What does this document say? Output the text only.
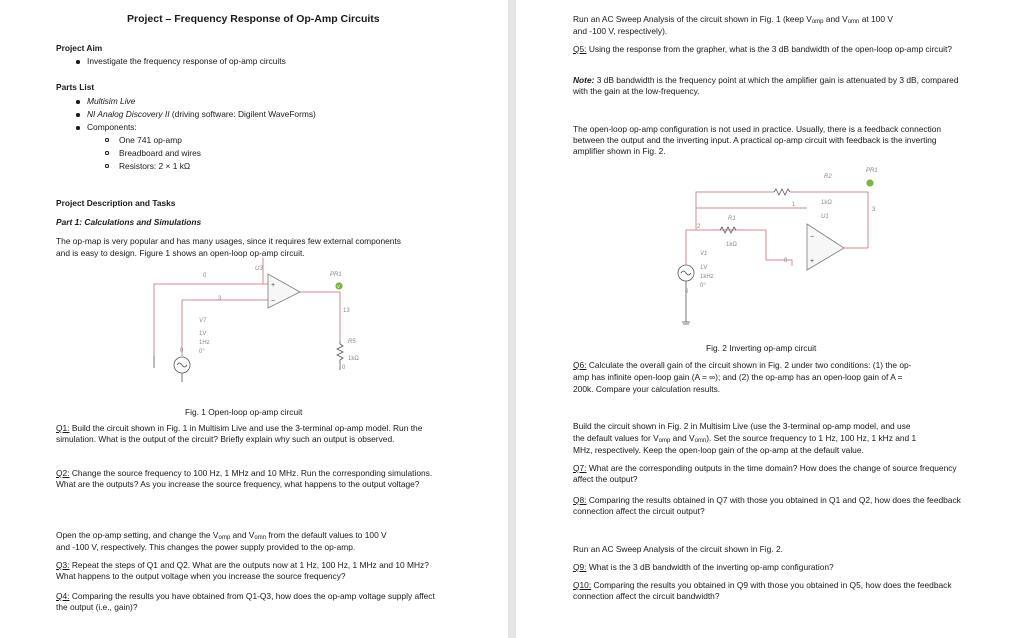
Project – Frequency Response of Op-Amp Circuits
Project Aim
Investigate the frequency response of op-amp circuits
Parts List
Multisim Live
NI Analog Discovery II (driving software: Digilent WaveForms)
Components:
One 741 op-amp
Breadboard and wires
Resistors: 2 × 1 kΩ
Project Description and Tasks
Part 1: Calculations and Simulations
The op-map is very popular and has many usages, since it requires few external components
and is easy to design. Figure 1 shows an open-loop op-amp circuit.
+
−
V
0
U3
PR1
3
13
V7
1V
1Hz
0°
0
R5
1kΩ
0
Fig. 1 Open-loop op-amp circuit
Q1: Build the circuit shown in Fig. 1 in Multisim Live and use the 3-terminal op-amp model. Run the simulation. What is the output of the circuit? Briefly explain why such an output is observed.
Q2: Change the source frequency to 100 Hz, 1 MHz and 10 MHz. Run the corresponding simulations. What are the outputs? As you increase the source frequency, what happens to the output voltage?
Open the op-amp setting, and change the $V_{omp}$ and $V_{omn}$ from the default values to 100 V
and -100 V, respectively. This changes the power supply provided to the op-amp.
Q3: Repeat the steps of Q1 and Q2. What are the outputs now at 1 Hz, 100 Hz, 1 MHz and 10 MHz? What happens to the output voltage when you increase the source frequency?
Q4: Comparing the results you have obtained from Q1-Q3, how does the op-amp voltage supply affect the output (i.e., gain)?
Run an AC Sweep Analysis of the circuit shown in Fig. 1 (keep $V_{omp}$ and $V_{omn}$ at 100 V
and -100 V, respectively).
Q5: Using the response from the grapher, what is the 3 dB bandwidth of the open-loop op-amp circuit?
Note: 3 dB bandwidth is the frequency point at which the amplifier gain is attenuated by 3 dB, compared with the gain at the low-frequency.
The open-loop op-amp configuration is not used in practice. Usually, there is a feedback connection between the output and the inverting input. A practical op-amp circuit with feedback is the inverting amplifier shown in Fig. 2.
−
+
PR1
R2
1kΩ
U1
1
3
2
R1
1kΩ
V1
1V
1kHz
0°
0
0
Fig. 2 Inverting op-amp circuit
Q6: Calculate the overall gain of the circuit shown in Fig. 2 under two conditions: (1) the op-
amp has infinite open-loop gain (A = ∞); and (2) the op-amp has an open-loop gain of A =
200k. Compare your calculation results.
Build the circuit shown in Fig. 2 in Multisim Live (use the 3-terminal op-amp model, and use
the default values for $V_{omp}$ and $V_{omn}$). Set the source frequency to 1 Hz, 100 Hz, 1 kHz and 1
MHz, respectively. Keep the open-loop gain of the op-amp at the default value.
Q7: What are the corresponding outputs in the time domain? How does the change of source frequency affect the output?
Q8: Comparing the results obtained in Q7 with those you obtained in Q1 and Q2, how does the feedback connection affect the circuit output?
Run an AC Sweep Analysis of the circuit shown in Fig. 2.
Q9: What is the 3 dB bandwidth of the inverting op-amp configuration?
Q10: Comparing the results you obtained in Q9 with those you obtained in Q5, how does the feedback connection affect the circuit bandwidth?
